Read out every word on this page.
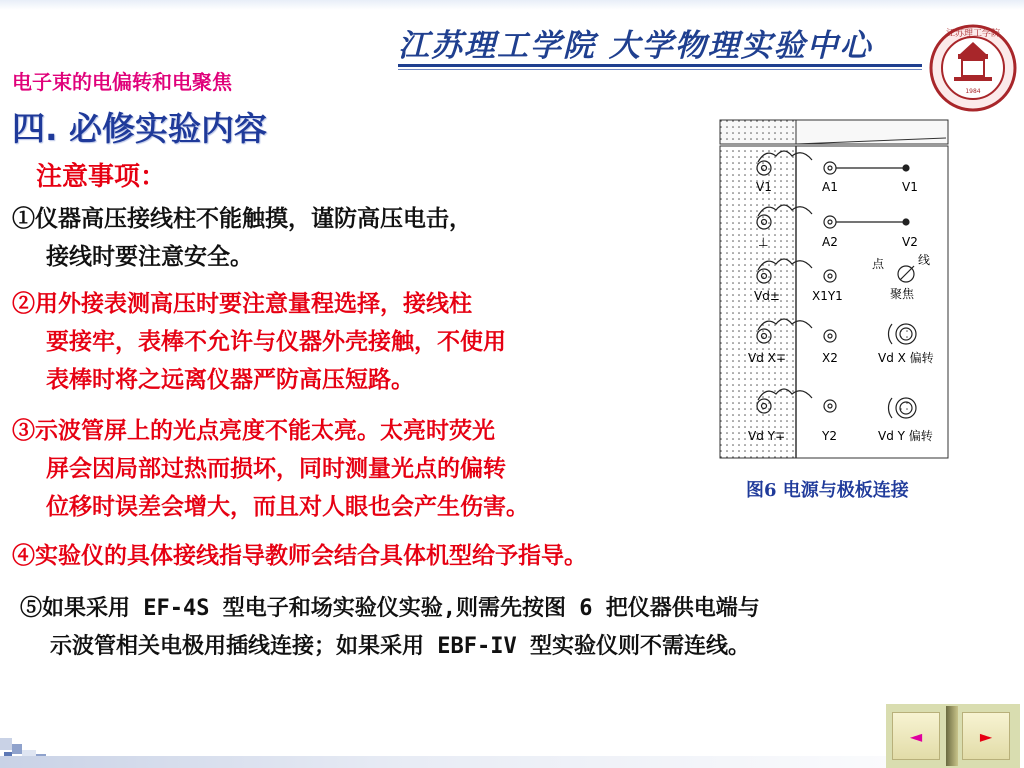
江苏理工学院 大学物理实验中心	江苏理工学院
1984
电子束的电偏转和电聚焦
四. 必修实验内容
注意事项：
①仪器高压接线柱不能触摸，谨防高压电击，
接线时要注意安全。
②用外接表测高压时要注意量程选择，接线柱
要接牢，表棒不允许与仪器外壳接触，不使用
表棒时将之远离仪器严防高压短路。
③示波管屏上的光点亮度不能太亮。太亮时荧光
屏会因局部过热而损坏，同时测量光点的偏转
位移时误差会增大，而且对人眼也会产生伤害。
④实验仪的具体接线指导教师会结合具体机型给予指导。
⑤如果采用 EF-4S 型电子和场实验仪实验,则需先按图 6 把仪器供电端与
示波管相关电极用插线连接；如果采用 EBF-IV 型实验仪则不需连线。
V1	A1	V1
⊥	A2	V2
点	线
Vd±	X1Y1	聚焦
Vd X∓	X2	Vd X 偏转
Vd Y∓	Y2	Vd Y 偏转
图6 电源与极板连接
◄	►
